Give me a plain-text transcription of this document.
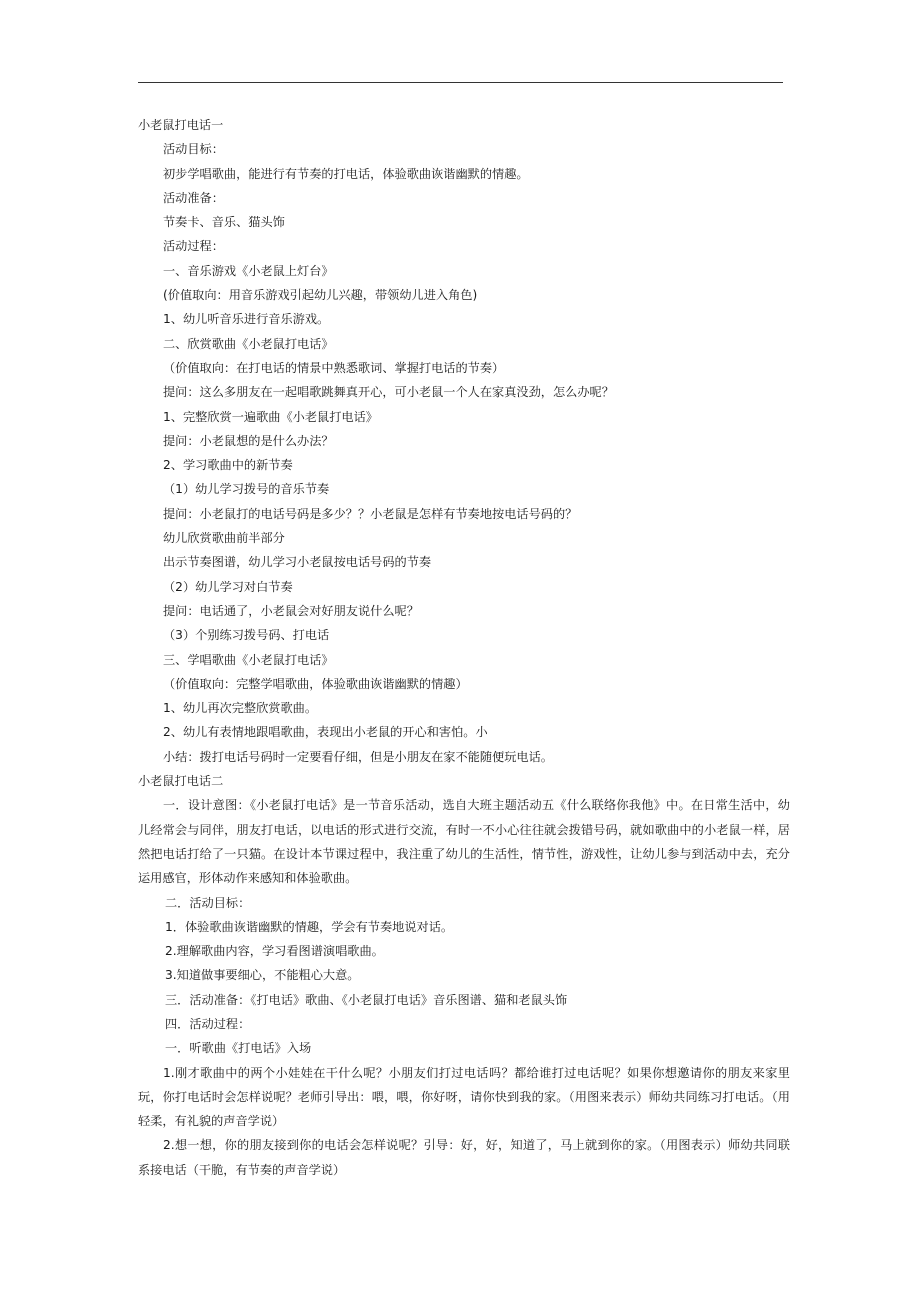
小老鼠打电话一

活动目标：

初步学唱歌曲，能进行有节奏的打电话，体验歌曲诙谐幽默的情趣。

活动准备：

节奏卡、音乐、猫头饰

活动过程：

一、音乐游戏《小老鼠上灯台》

(价值取向：用音乐游戏引起幼儿兴趣，带领幼儿进入角色)

1、幼儿听音乐进行音乐游戏。

二、欣赏歌曲《小老鼠打电话》

（价值取向：在打电话的情景中熟悉歌词、掌握打电话的节奏）

提问：这么多朋友在一起唱歌跳舞真开心，可小老鼠一个人在家真没劲，怎么办呢？

1、完整欣赏一遍歌曲《小老鼠打电话》

提问：小老鼠想的是什么办法？

2、学习歌曲中的新节奏

（1）幼儿学习拨号的音乐节奏

提问：小老鼠打的电话号码是多少？？小老鼠是怎样有节奏地按电话号码的？

幼儿欣赏歌曲前半部分

出示节奏图谱，幼儿学习小老鼠按电话号码的节奏

（2）幼儿学习对白节奏

提问：电话通了，小老鼠会对好朋友说什么呢？

（3）个别练习拨号码、打电话

三、学唱歌曲《小老鼠打电话》

（价值取向：完整学唱歌曲，体验歌曲诙谐幽默的情趣）

1、幼儿再次完整欣赏歌曲。

2、幼儿有表情地跟唱歌曲，表现出小老鼠的开心和害怕。小

小结：拨打电话号码时一定要看仔细，但是小朋友在家不能随便玩电话。

小老鼠打电话二

一．设计意图：《小老鼠打电话》是一节音乐活动，选自大班主题活动五《什么联络你我他》中。在日常生活中，幼儿经常会与同伴，朋友打电话，以电话的形式进行交流，有时一不小心往往就会拨错号码，就如歌曲中的小老鼠一样，居然把电话打给了一只猫。在设计本节课过程中，我注重了幼儿的生活性，情节性，游戏性，让幼儿参与到活动中去，充分运用感官，形体动作来感知和体验歌曲。

二．活动目标：

1．体验歌曲诙谐幽默的情趣，学会有节奏地说对话。

2.理解歌曲内容，学习看图谱演唱歌曲。

3.知道做事要细心，不能粗心大意。

三．活动准备：《打电话》歌曲、《小老鼠打电话》音乐图谱、猫和老鼠头饰

四．活动过程：

一．听歌曲《打电话》入场

1.刚才歌曲中的两个小娃娃在干什么呢？小朋友们打过电话吗？都给谁打过电话呢？如果你想邀请你的朋友来家里玩，你打电话时会怎样说呢？老师引导出：喂，喂，你好呀，请你快到我的家。（用图来表示）师幼共同练习打电话。（用轻柔，有礼貌的声音学说）

2.想一想，你的朋友接到你的电话会怎样说呢？引导：好，好，知道了，马上就到你的家。（用图表示）师幼共同联系接电话（干脆，有节奏的声音学说）
